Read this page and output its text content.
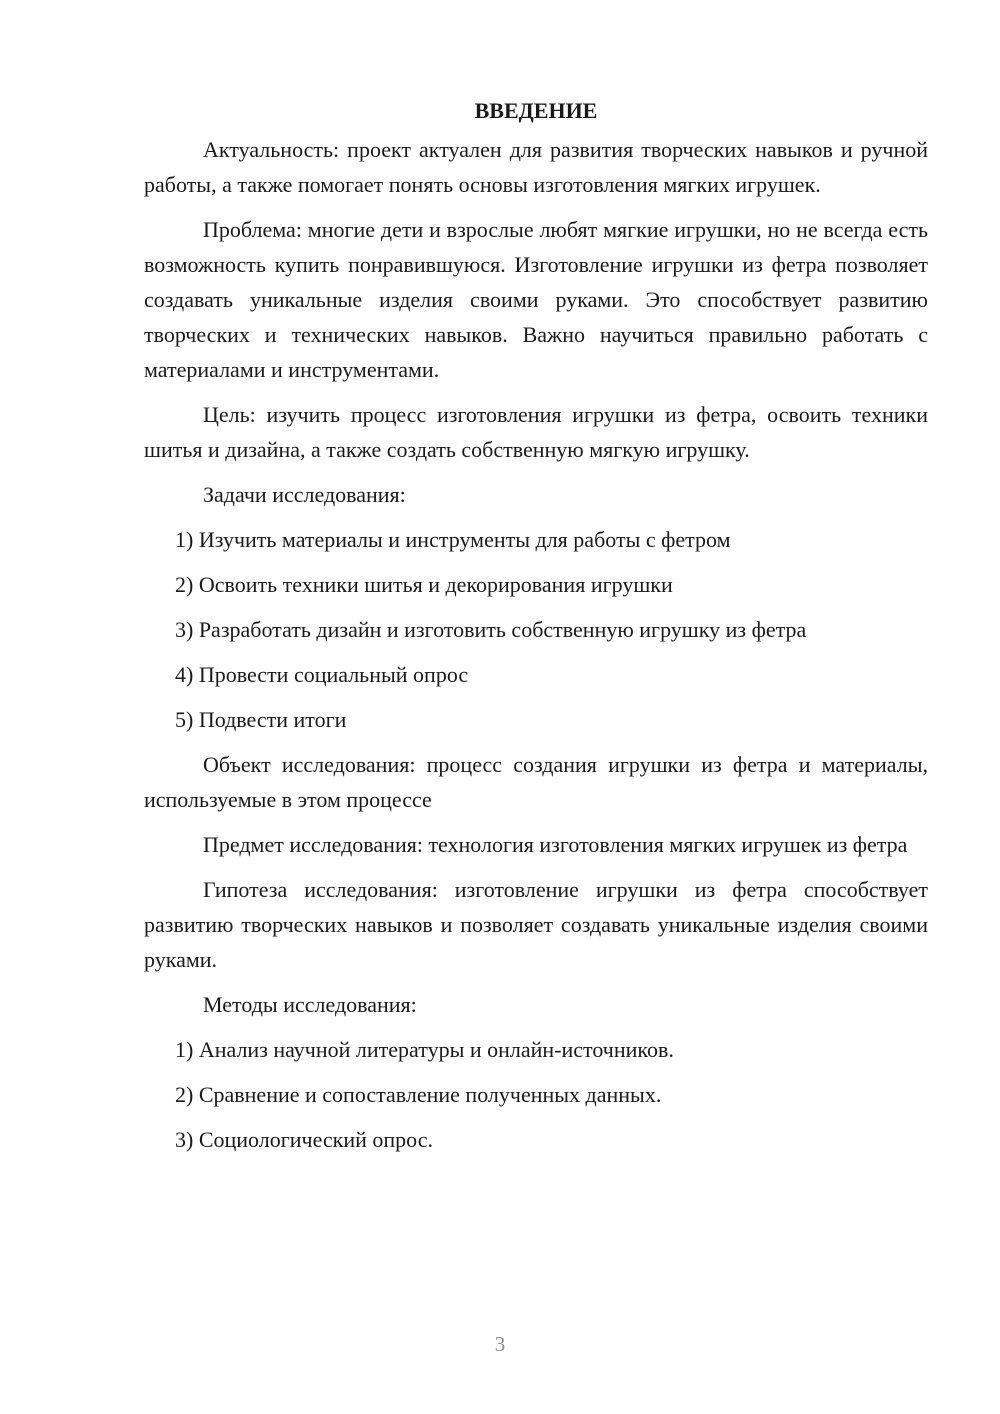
ВВЕДЕНИЕ

Актуальность: проект актуален для развития творческих навыков и ручной работы, а также помогает понять основы изготовления мягких игрушек.

Проблема: многие дети и взрослые любят мягкие игрушки, но не всегда есть возможность купить понравившуюся. Изготовление игрушки из фетра позволяет создавать уникальные изделия своими руками. Это способствует развитию творческих и технических навыков. Важно научиться правильно работать с материалами и инструментами.

Цель: изучить процесс изготовления игрушки из фетра, освоить техники шитья и дизайна, а также создать собственную мягкую игрушку.

Задачи исследования:

1) Изучить материалы и инструменты для работы с фетром

2) Освоить техники шитья и декорирования игрушки

3) Разработать дизайн и изготовить собственную игрушку из фетра

4) Провести социальный опрос

5) Подвести итоги

Объект исследования: процесс создания игрушки из фетра и материалы, используемые в этом процессе

Предмет исследования: технология изготовления мягких игрушек из фетра

Гипотеза исследования: изготовление игрушки из фетра способствует развитию творческих навыков и позволяет создавать уникальные изделия своими руками.

Методы исследования:

1) Анализ научной литературы и онлайн-источников.

2) Сравнение и сопоставление полученных данных.

3) Социологический опрос.

3
